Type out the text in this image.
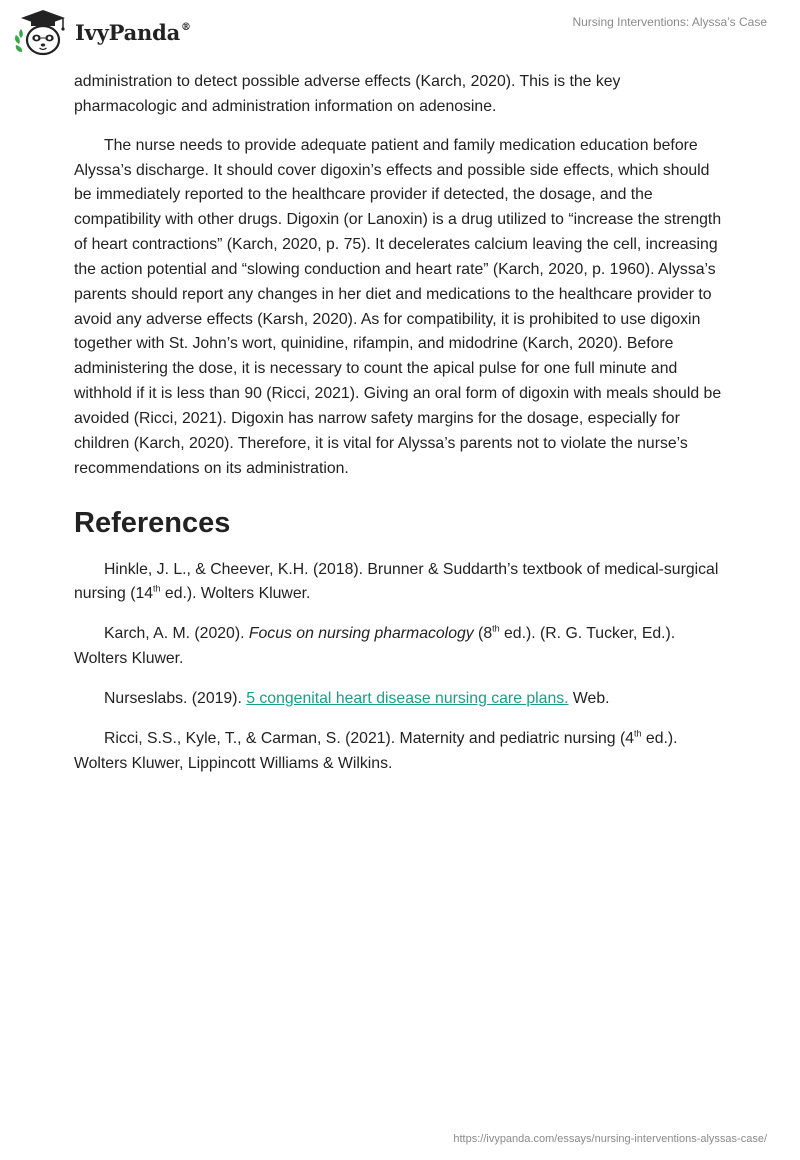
IvyPanda®	Nursing Interventions: Alyssa’s Case

administration to detect possible adverse effects (Karch, 2020). This is the key pharmacologic and administration information on adenosine.

The nurse needs to provide adequate patient and family medication education before Alyssa’s discharge. It should cover digoxin’s effects and possible side effects, which should be immediately reported to the healthcare provider if detected, the dosage, and the compatibility with other drugs. Digoxin (or Lanoxin) is a drug utilized to “increase the strength of heart contractions” (Karch, 2020, p. 75). It decelerates calcium leaving the cell, increasing the action potential and “slowing conduction and heart rate” (Karch, 2020, p. 1960). Alyssa’s parents should report any changes in her diet and medications to the healthcare provider to avoid any adverse effects (Karsh, 2020). As for compatibility, it is prohibited to use digoxin together with St. John’s wort, quinidine, rifampin, and midodrine (Karch, 2020). Before administering the dose, it is necessary to count the apical pulse for one full minute and withhold if it is less than 90 (Ricci, 2021). Giving an oral form of digoxin with meals should be avoided (Ricci, 2021). Digoxin has narrow safety margins for the dosage, especially for children (Karch, 2020). Therefore, it is vital for Alyssa’s parents not to violate the nurse’s recommendations on its administration.

References

Hinkle, J. L., & Cheever, K.H. (2018). Brunner & Suddarth’s textbook of medical-surgical nursing (14th ed.). Wolters Kluwer.

Karch, A. M. (2020). Focus on nursing pharmacology (8th ed.). (R. G. Tucker, Ed.). Wolters Kluwer.

Nurseslabs. (2019). 5 congenital heart disease nursing care plans. Web.

Ricci, S.S., Kyle, T., & Carman, S. (2021). Maternity and pediatric nursing (4th ed.). Wolters Kluwer, Lippincott Williams & Wilkins.

https://ivypanda.com/essays/nursing-interventions-alyssas-case/
